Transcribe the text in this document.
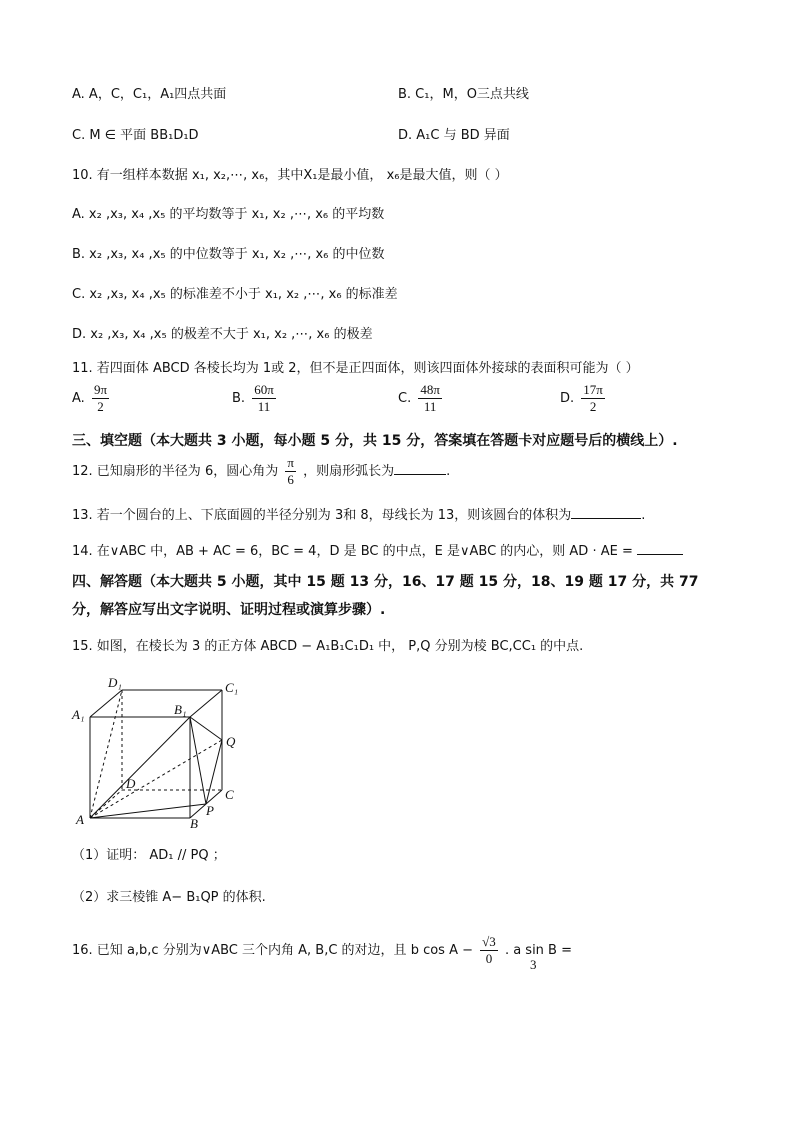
A. A，C，C₁，A₁四点共面	B. C₁，M，O三点共线
C. M ∈ 平面 BB₁D₁D	D. A₁C 与 BD 异面
10. 有一组样本数据 x₁, x₂,⋯, x₆，其中X₁是最小值， x₆是最大值，则（ ）
A. x₂ ,x₃, x₄ ,x₅ 的平均数等于 x₁, x₂ ,⋯, x₆ 的平均数
B. x₂ ,x₃, x₄ ,x₅ 的中位数等于 x₁, x₂ ,⋯, x₆ 的中位数
C. x₂ ,x₃, x₄ ,x₅ 的标准差不小于 x₁, x₂ ,⋯, x₆ 的标准差
D. x₂ ,x₃, x₄ ,x₅ 的极差不大于 x₁, x₂ ,⋯, x₆ 的极差
11. 若四面体 ABCD 各棱长均为 1或 2，但不是正四面体，则该四面体外接球的表面积可能为（ ）
A. $\frac{9\pi}{2}$	B. $\frac{60\pi}{11}$	C. $\frac{48\pi}{11}$	D. $\frac{17\pi}{2}$
三、填空题（本大题共 3 小题，每小题 5 分，共 15 分，答案填在答题卡对应题号后的横线上）.
12. 已知扇形的半径为 6，圆心角为 $\frac{\pi}{6}$ ，则扇形弧长为	.
13. 若一个圆台的上、下底面圆的半径分别为 3和 8，母线长为 13，则该圆台的体积为	.
14. 在∨ABC 中，AB + AC = 6，BC = 4，D 是 BC 的中点，E 是∨ABC 的内心，则 AD · AE =
四、解答题（本大题共 5 小题，其中 15 题 13 分，16、17 题 15 分，18、19 题 17 分，共 77
分，解答应写出文字说明、证明过程或演算步骤）.
15. 如图，在棱长为 3 的正方体 ABCD − A₁B₁C₁D₁ 中， P,Q 分别为棱 BC,CC₁ 的中点.
D₁	C₁
A₁	B₁
Q
D
C
P
A	B
（1）证明： AD₁ // PQ ；
（2）求三棱锥 A− B₁QP 的体积.
16. 已知 a,b,c 分别为∨ABC 三个内角 A, B,C 的对边，且 b $\cos A - \frac{√3}{0}$ . a sin B =
3
